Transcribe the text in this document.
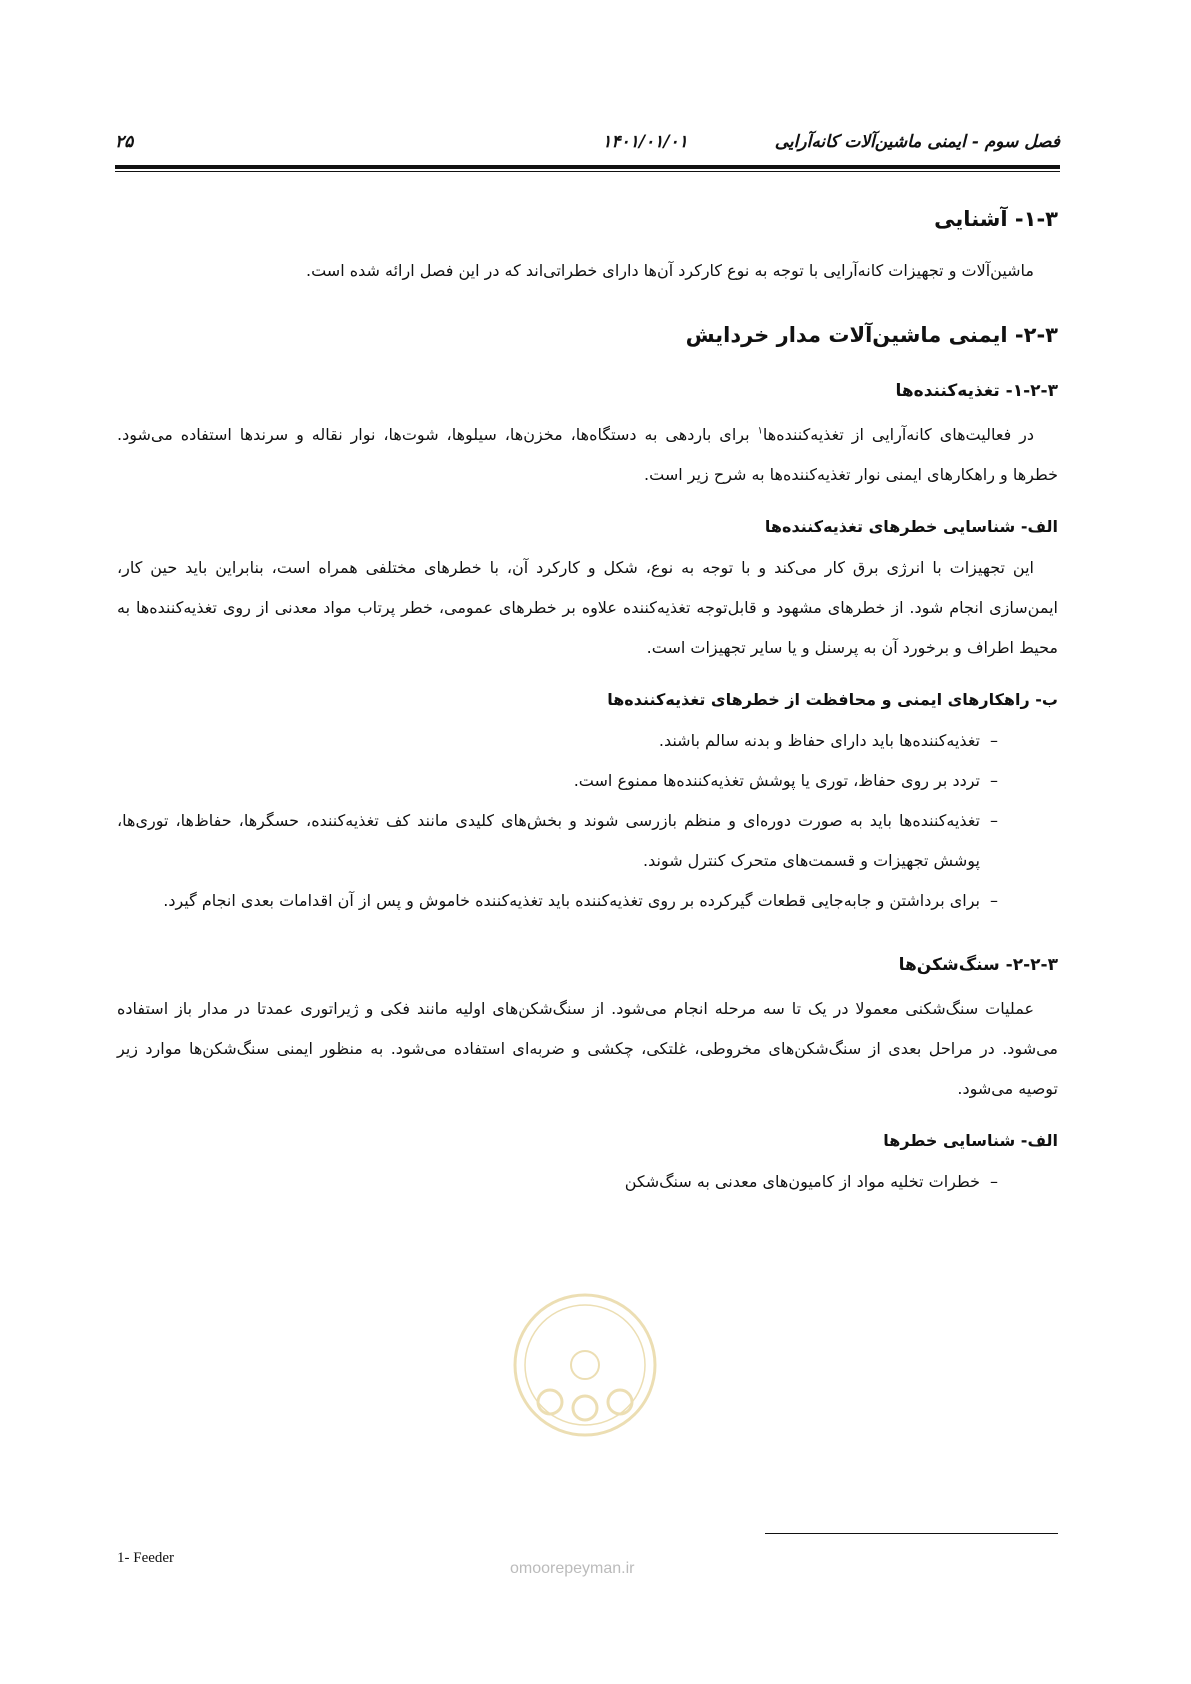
فصل سوم - ایمنی ماشین‌آلات کانه‌آرایی
۱۴۰۱/۰۱/۰۱
۲۵
۱-۳- آشنایی

ماشین‌آلات و تجهیزات کانه‌آرایی با توجه به نوع کارکرد آن‌ها دارای خطراتی‌اند که در این فصل ارائه شده است.

۲-۳- ایمنی ماشین‌آلات مدار خردایش
۱-۲-۳- تغذیه‌کننده‌ها

در فعالیت‌های کانه‌آرایی از تغذیه‌کننده‌ها$^۱$ برای باردهی به دستگاه‌ها، مخزن‌ها، سیلوها، شوت‌ها، نوار نقاله و سرندها استفاده می‌شود. خطرها و راهکارهای ایمنی نوار تغذیه‌کننده‌ها به شرح زیر است.

الف- شناسایی خطرهای تغذیه‌کننده‌ها

این تجهیزات با انرژی برق کار می‌کند و با توجه به نوع، شکل و کارکرد آن، با خطرهای مختلفی همراه است، بنابراین باید حین کار، ایمن‌سازی انجام شود. از خطرهای مشهود و قابل‌توجه تغذیه‌کننده علاوه بر خطرهای عمومی، خطر پرتاب مواد معدنی از روی تغذیه‌کننده‌ها به محیط اطراف و برخورد آن به پرسنل و یا سایر تجهیزات است.

ب- راهکارهای ایمنی و محافظت از خطرهای تغذیه‌کننده‌ها
–
تغذیه‌کننده‌ها باید دارای حفاظ و بدنه سالم باشند.
–
تردد بر روی حفاظ، توری یا پوشش تغذیه‌کننده‌ها ممنوع است.
–
تغذیه‌کننده‌ها باید به صورت دوره‌ای و منظم بازرسی شوند و بخش‌های کلیدی مانند کف تغذیه‌کننده، حسگرها، حفاظ‌ها، توری‌ها، پوشش تجهیزات و قسمت‌های متحرک کنترل شوند.
–
برای برداشتن و جابه‌جایی قطعات گیرکرده بر روی تغذیه‌کننده باید تغذیه‌کننده خاموش و پس از آن اقدامات بعدی انجام گیرد.
۲-۲-۳- سنگ‌شکن‌ها

عملیات سنگ‌شکنی معمولا در یک تا سه مرحله انجام می‌شود. از سنگ‌شکن‌های اولیه مانند فکی و ژیراتوری عمدتا در مدار باز استفاده می‌شود. در مراحل بعدی از سنگ‌شکن‌های مخروطی، غلتکی، چکشی و ضربه‌ای استفاده می‌شود. به منظور ایمنی سنگ‌شکن‌ها موارد زیر توصیه می‌شود.

الف- شناسایی خطرها
–
خطرات تخلیه مواد از کامیون‌های معدنی به سنگ‌شکن
omoorepeyman.ir
1- Feeder
